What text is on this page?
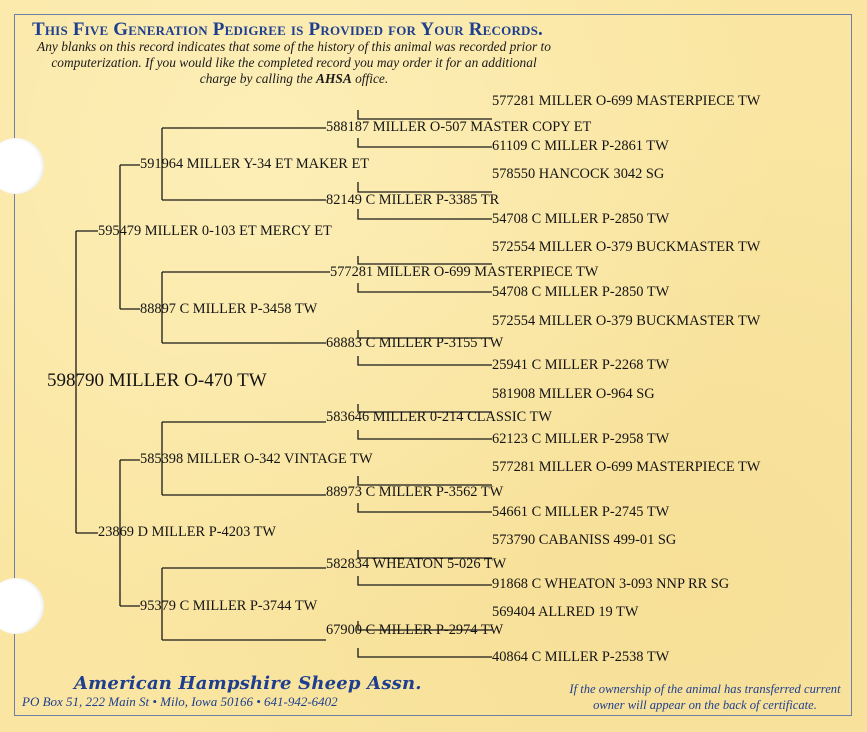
This Five Generation Pedigree is Provided for Your Records.

Any blanks on this record indicates that some of the history of this animal was recorded prior to computerization. If you would like the completed record you may order it for an additional charge by calling the AHSA office.

598790 MILLER O-470 TW
595479 MILLER 0-103 ET MERCY ET
23869 D MILLER P-4203 TW
591964 MILLER Y-34 ET MAKER ET
88897 C MILLER P-3458 TW
585398 MILLER O-342 VINTAGE TW
95379 C MILLER P-3744 TW
588187 MILLER O-507 MASTER COPY ET
82149 C MILLER P-3385 TR
577281 MILLER O-699 MASTERPIECE TW
68883 C MILLER P-3155 TW
583646 MILLER 0-214 CLASSIC TW
88973 C MILLER P-3562 TW
582834 WHEATON 5-026 TW
67900 C MILLER P-2974 TW
577281 MILLER O-699 MASTERPIECE TW
61109 C MILLER P-2861 TW
578550 HANCOCK 3042 SG
54708 C MILLER P-2850 TW
572554 MILLER O-379 BUCKMASTER TW
54708 C MILLER P-2850 TW
572554 MILLER O-379 BUCKMASTER TW
25941 C MILLER P-2268 TW
581908 MILLER O-964 SG
62123 C MILLER P-2958 TW
577281 MILLER O-699 MASTERPIECE TW
54661 C MILLER P-2745 TW
573790 CABANISS 499-01 SG
91868 C WHEATON 3-093 NNP RR SG
569404 ALLRED 19 TW
40864 C MILLER P-2538 TW

American Hampshire Sheep Assn.

PO Box 51, 222 Main St • Milo, Iowa 50166 • 641-942-6402

If the ownership of the animal has transferred current owner will appear on the back of certificate.
